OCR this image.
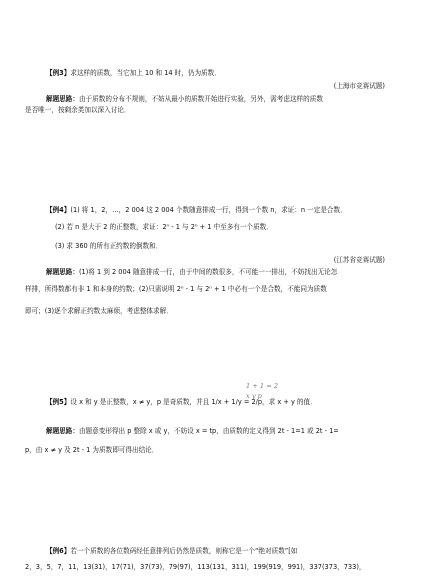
【例3】求这样的质数，当它加上 10 和 14 时，仍为质数．
(上海市竞赛试题)
解题思路：由于质数的分布不规则，不妨从最小的质数开始进行实验，另外，需考虑这样的质数
是否唯一，按剩余类加以深入讨论．
【例4】(1) 将 1，2，…，2 004 这 2 004 个数随意排成一行，得到一个数 n，求证：n 一定是合数．
(2) 若 n 是大于 2 的正整数，求证：2ⁿ - 1 与 2ⁿ + 1 中至多有一个质数．
(3) 求 360 的所有正约数的倒数和．
(江苏省竞赛试题)
解题思路：(1)将 1 到 2 004 随意排成一行，由于中间的数很多，不可能一一排出，不妨找出无论怎
样排，所得数都有非 1 和本身的约数；(2)只需说明 2ⁿ - 1 与 2ⁿ + 1 中必有一个是合数，不能同为质数
即可；(3)逐个求解正约数太麻烦，考虑整体求解．
1 + 1 = 2
x y p
【例5】设 x 和 y 是正整数，x ≠ y，p 是奇质数，并且 1/x + 1/y = 2/p，求 x + y 的值．
解题思路：由题意变形得出 p 整除 x 或 y，不妨设 x = tp，由质数的定义得到 2t - 1=1 或 2t - 1=
p，由 x ≠ y 及 2t - 1 为质数即可得出结论．
【例6】若一个质数的各位数码经任意排列后仍然是质数，则称它是一个“绝对质数”[如
2，3，5，7，11，13(31)，17(71)，37(73)，79(97)，113(131，311)，199(919，991)，337(373，733)，
